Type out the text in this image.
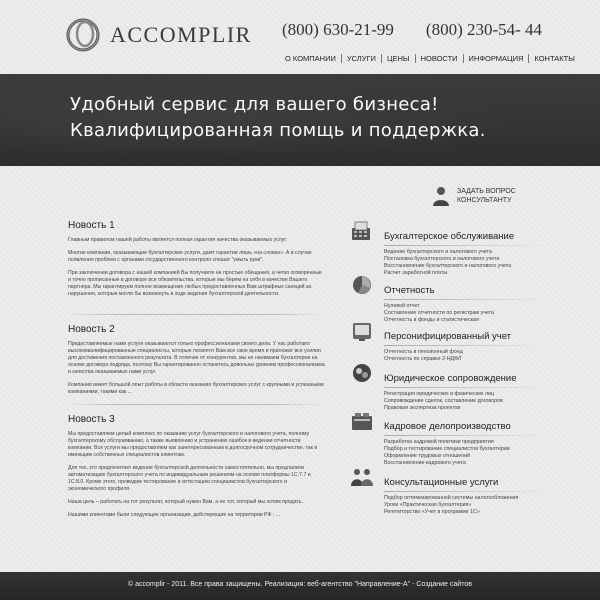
ACCOMPLIR (800) 630-21-99 (800) 230-54- 44
О КОМПАНИИ	УСЛУГИ	ЦЕНЫ	НОВОСТИ	ИНФОРМАЦИЯ	КОНТАКТЫ
Удобный сервис для вашего бизнеса!
Квалифицированная помщь и поддержка.
ЗАДАТЬ ВОПРОС
КОНСУЛЬТАНТУ
Новость 1

Главным правилом нашей работы является полная гарантия качества оказываемых услуг.

Многие компании, оказывающие бухгалтерские услуги, дают гарантии лишь «на словах». А в случае появления проблем с органами государственного контроля спешат "умыть руки".

При заключении договора с нашей компанией Вы получаете не простые обещания, а четко оговоренные и точно прописанные в договоре все обязательства, которые мы берем на себя в качестве Вашего партнера. Мы гарантируем полное возмещение любых предоставленных Вам штрафных санкций за нарушения, которые могли бы возникнуть в ходе ведения бухгалтерской деятельности.

Новость 2

Предоставляемые нами услуги оказываются только профессионалами своего дела. У нас работают высококвалифицированные специалисты, которые посвятят Вам все свое время и приложат все усилия для достижения поставленного результата. В отличие от конкурентов, мы не нанимаем бухгалтеров на основе договора подряда, поэтому Вы гарантированно останетесь довольны уровнем профессионализма и качества оказываемых нами услуг.

Компания имеет большой опыт работы в области оказания бухгалтерских услуг с крупными и успешными компаниями, такими как ...

Новость 3

Мы предоставляем целый комплекс по оказанию услуг бухгалтерского и налогового учета, полному бухгалтерскому обслуживанию, а также выявлению и устранению ошибок в ведении отчетности компании. Все услуги мы предоставляем как заинтересованным в долгосрочном сотрудничестве, так и имеющим собственных специалистов клиентам.

Для тех, кто предпочитает ведение бухгалтерской деятельности самостоятельно, мы предлагаем автоматизацию бухгалтерского учета по индивидуальным решениям на основе платформы 1С:7.7 и 1С:8.0. Кроме этого, проводим тестирование и аттестацию специалистов бухгалтерского и экономического профиля.

Наша цель – работать на тот результат, который нужен Вам, а не тот, который мы хотим продать.

Нашими клиентами были следующие организации, действующие на территории РФ : ...

Бухгалтерское обслуживание
Ведение бухгалтерского и налогового учета
Постановка бухгалтерского и налогового учета
Восстановление бухгалтерского и налогового учета
Расчет заработной платы.
Отчетность
Нулевой отчет
Составление отчетности по регистрам учета
Отчетность в фонды и статистическая
Персонифицированный учет
Отчетность в пенсионный фонд
Отчетность по справке 2-НДФЛ
Юридическое сопровождение
Регистрация юридических и физических лиц
Сопровождение сделок, составление договоров
Правовая экспертиза проектов
Кадровое делопроизводство
Разработка кадровой политики предприятия
Подбор и тестирование специалистов бухгалтерии
Оформление трудовых отношений
Восстановление кадрового учета
Консультационные услуги
Подбор оптимизированной системы налогообложения
Уроки «Практическая бухгалтерия»
Репетиторство «Учет в программе 1С»
© accomplir - 2011. Все права защищены. Реализация: веб-агентство "Направление-А" - Создание сайтов
